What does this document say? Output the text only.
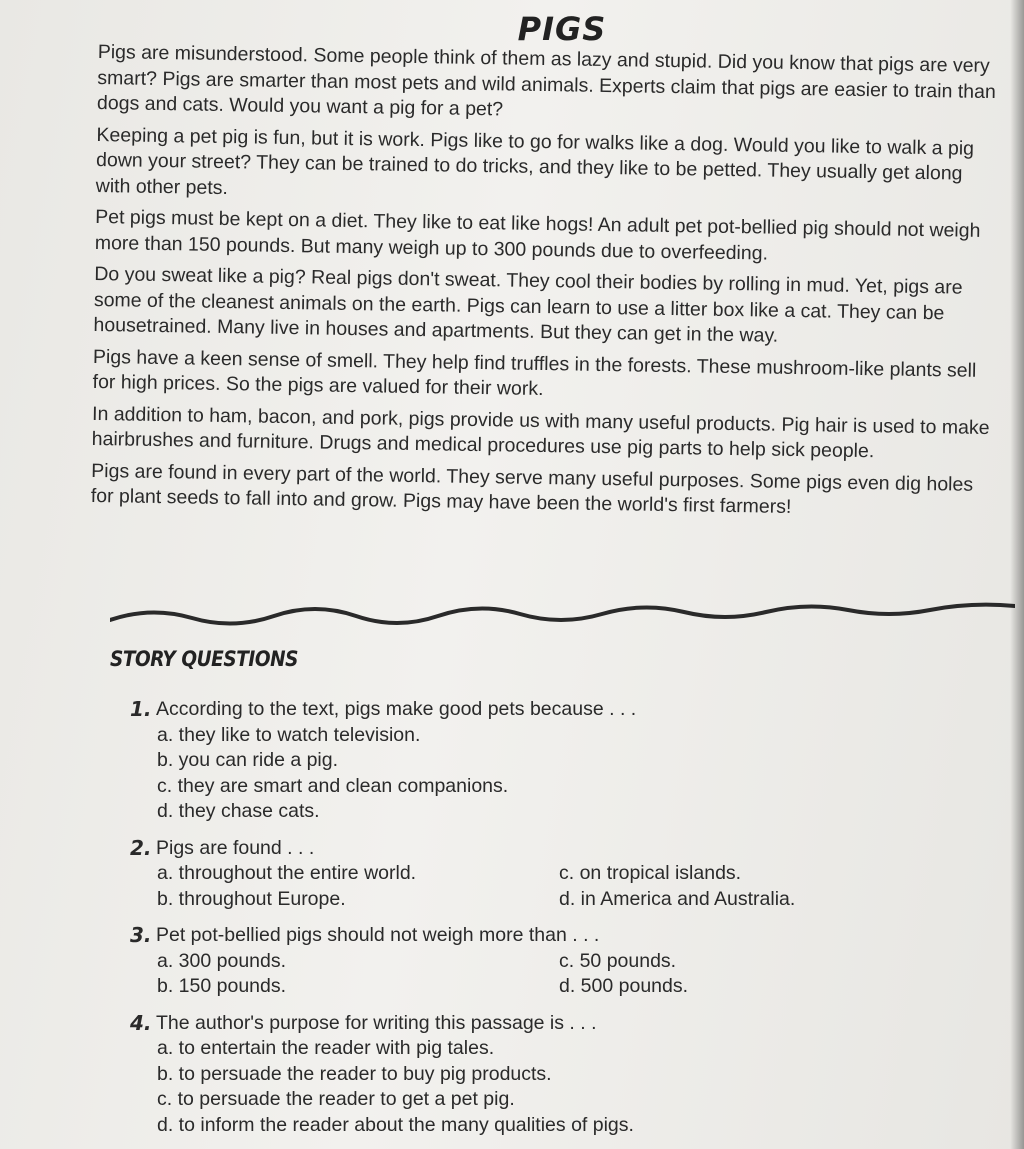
PIGS

Pigs are misunderstood. Some people think of them as lazy and stupid. Did you know that pigs are very smart? Pigs are smarter than most pets and wild animals. Experts claim that pigs are easier to train than dogs and cats. Would you want a pig for a pet?

Keeping a pet pig is fun, but it is work. Pigs like to go for walks like a dog. Would you like to walk a pig down your street? They can be trained to do tricks, and they like to be petted. They usually get along with other pets.

Pet pigs must be kept on a diet. They like to eat like hogs! An adult pet pot-bellied pig should not weigh more than 150 pounds. But many weigh up to 300 pounds due to overfeeding.

Do you sweat like a pig? Real pigs don't sweat. They cool their bodies by rolling in mud. Yet, pigs are some of the cleanest animals on the earth. Pigs can learn to use a litter box like a cat. They can be housetrained. Many live in houses and apartments. But they can get in the way.

Pigs have a keen sense of smell. They help find truffles in the forests. These mushroom-like plants sell for high prices. So the pigs are valued for their work.

In addition to ham, bacon, and pork, pigs provide us with many useful products. Pig hair is used to make hairbrushes and furniture. Drugs and medical procedures use pig parts to help sick people.

Pigs are found in every part of the world. They serve many useful purposes. Some pigs even dig holes for plant seeds to fall into and grow. Pigs may have been the world's first farmers!

STORY QUESTIONS
1. According to the text, pigs make good pets because . . .
a. they like to watch television.
b. you can ride a pig.
c. they are smart and clean companions.
d. they chase cats.
2. Pigs are found . . .
a. throughout the entire world.	c. on tropical islands.
b. throughout Europe.	d. in America and Australia.
3. Pet pot-bellied pigs should not weigh more than . . .
a. 300 pounds.	c. 50 pounds.
b. 150 pounds.	d. 500 pounds.
4. The author's purpose for writing this passage is . . .
a. to entertain the reader with pig tales.
b. to persuade the reader to buy pig products.
c. to persuade the reader to get a pet pig.
d. to inform the reader about the many qualities of pigs.
